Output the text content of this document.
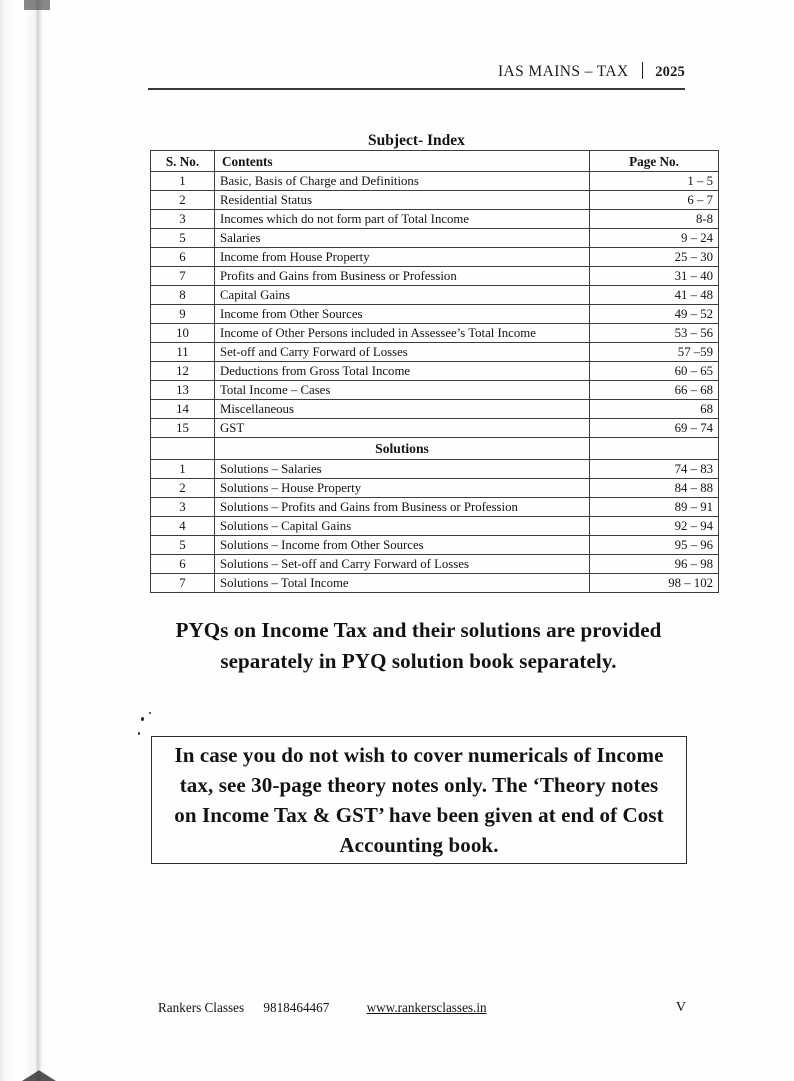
IAS MAINS – TAX 2025
Subject- Index
S. No.	Contents	Page No.
1	Basic, Basis of Charge and Definitions	1 – 5
2	Residential Status	6 – 7
3	Incomes which do not form part of Total Income	8-8
5	Salaries	9 – 24
6	Income from House Property	25 – 30
7	Profits and Gains from Business or Profession	31 – 40
8	Capital Gains	41 – 48
9	Income from Other Sources	49 – 52
10	Income of Other Persons included in Assessee’s Total Income	53 – 56
11	Set-off and Carry Forward of Losses	57 –59
12	Deductions from Gross Total Income	60 – 65
13	Total Income – Cases	66 – 68
14	Miscellaneous	68
15	GST	69 – 74
	Solutions	
1	Solutions – Salaries	74 – 83
2	Solutions – House Property	84 – 88
3	Solutions – Profits and Gains from Business or Profession	89 – 91
4	Solutions – Capital Gains	92 – 94
5	Solutions – Income from Other Sources	95 – 96
6	Solutions – Set-off and Carry Forward of Losses	96 – 98
7	Solutions – Total Income	98 – 102
PYQs on Income Tax and their solutions are provided separately in PYQ solution book separately.
In case you do not wish to cover numericals of Income tax, see 30-page theory notes only. The ‘Theory notes on Income Tax & GST’ have been given at end of Cost Accounting book.
Rankers Classes 9818464467	www.rankersclasses.in	V
